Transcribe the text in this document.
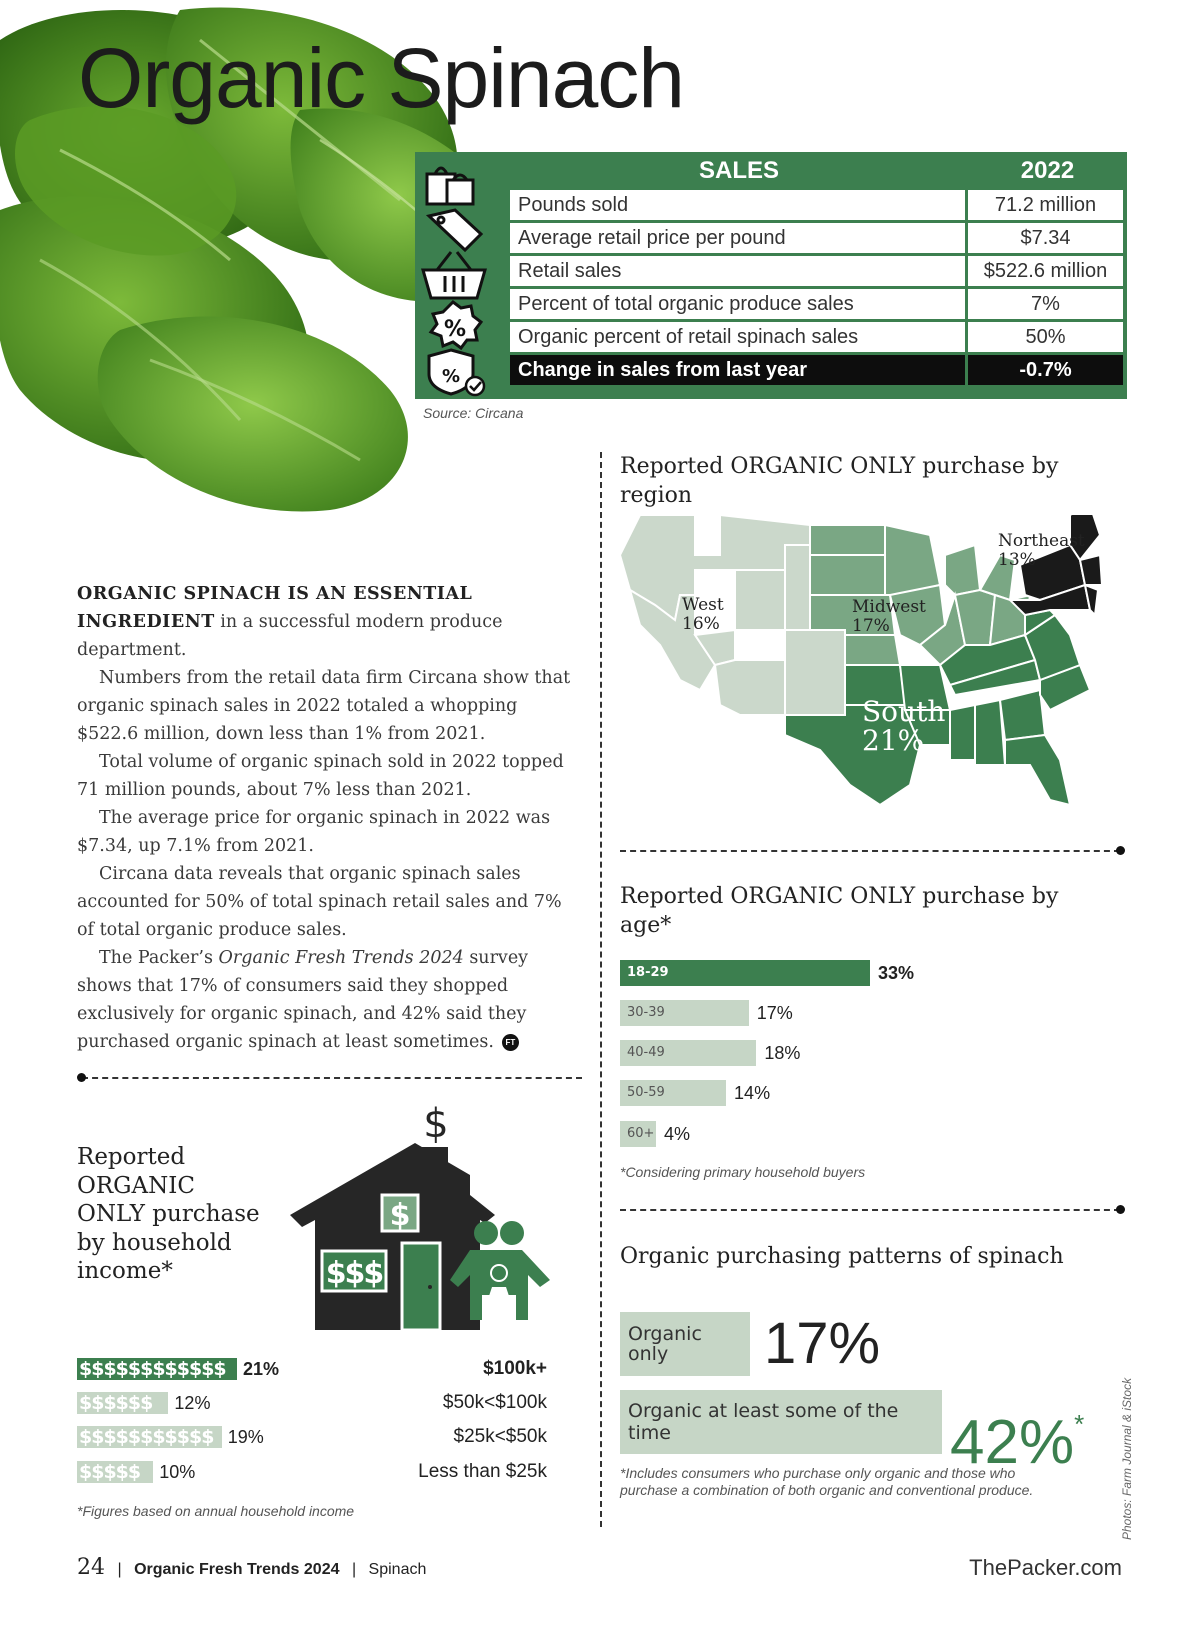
Organic Spinach
%
%
SALES	2022
Pounds sold	71.2 million
Average retail price per pound	$7.34
Retail sales	$522.6 million
Percent of total organic produce sales	7%
Organic percent of retail spinach sales	50%
Change in sales from last year	-0.7%
Source: Circana

ORGANIC SPINACH IS AN ESSENTIAL INGREDIENT in a successful modern produce department.

Numbers from the retail data firm Circana show that organic spinach sales in 2022 totaled a whopping $522.6 million, down less than 1% from 2021.

Total volume of organic spinach sold in 2022 topped 71 million pounds, about 7% less than 2021.

The average price for organic spinach in 2022 was $7.34, up 7.1% from 2021.

Circana data reveals that organic spinach sales accounted for 50% of total spinach retail sales and 7% of total organic produce sales.

The Packer’s Organic Fresh Trends 2024 survey shows that 17% of consumers said they shopped exclusively for organic spinach, and 42% said they purchased organic spinach at least sometimes. FT

Reported ORGANIC ONLY purchase by region
Northeast
13%
West
16%
Midwest
17%
South
21%
Reported ORGANIC ONLY purchase by age*
18-29	33%
30-39	17%
40-49	18%
50-59	14%
60+ 4%
*Considering primary household buyers
Organic purchasing patterns of spinach
Organic only	17%
Organic at least some of the time	42%*
*Includes consumers who purchase only organic and those who purchase a combination of both organic and conventional produce.
Reported ORGANIC ONLY purchase by household income*
$
$
$$$
$$$$$$$$$$$$ 21%	$100k+
$$$$$$	12%	$50k<$100k
$$$$$$$$$$$ 19%	$25k<$50k
$$$$$	10%	Less than $25k
*Figures based on annual household income
24 | Organic Fresh Trends 2024 | Spinach	ThePacker.com
Photos: Farm Journal & iStock
